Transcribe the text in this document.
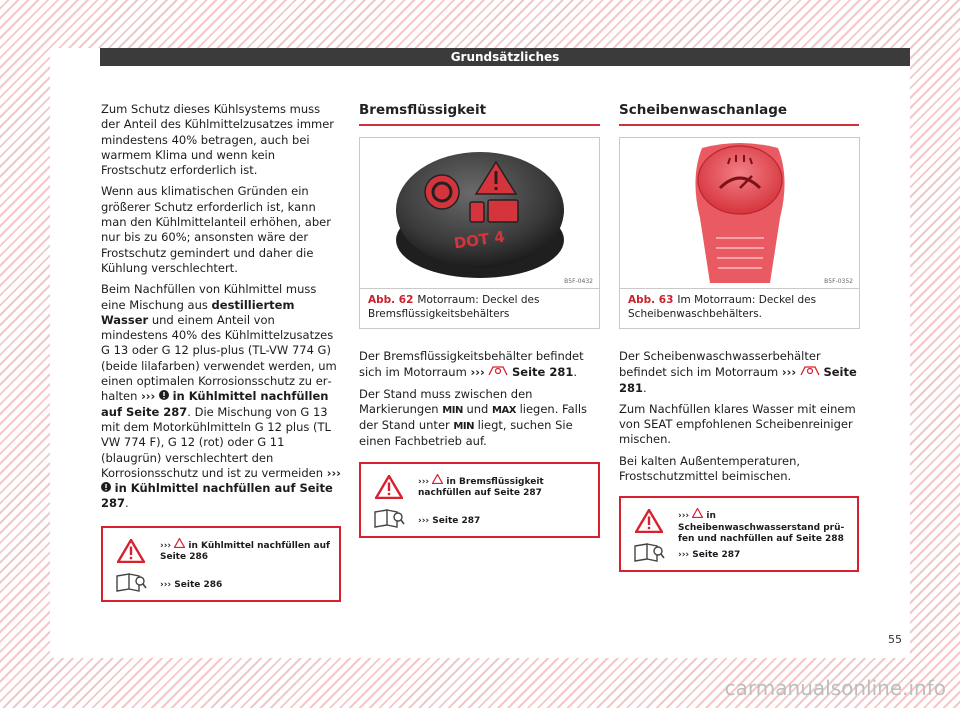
Grundsätzliches

Zum Schutz dieses Kühlsystems muss der Anteil des Kühlmittelzusatzes immer mindestens 40% betragen, auch bei warmem Klima und wenn kein Frostschutz erforderlich ist.

Wenn aus klimatischen Gründen ein größerer Schutz erforderlich ist, kann man den Kühlmittelanteil erhöhen, aber nur bis zu 60%; ansonsten wäre der Frostschutz gemindert und daher die Kühlung verschlechtert.

Beim Nachfüllen von Kühlmittel muss eine Mischung aus destilliertem Wasser und einem Anteil von mindestens 40% des Kühlmittelzusatzes G 13 oder G 12 plus-plus (TL-VW 774 G) (beide lilafarben) verwendet werden, um einen optimalen Korrosionsschutz zu erhalten ››› in Kühlmittel nachfüllen auf Seite 287. Die Mischung von G 13 mit dem Motorkühlmitteln G 12 plus (TL VW 774 F), G 12 (rot) oder G 11 (blaugrün) verschlechtert den Korrosionsschutz und ist zu vermeiden ›››  in Kühlmittel nachfüllen auf Seite 287.

››› in Kühlmittel nachfüllen auf Seite 286
››› Seite 286
Bremsflüssigkeit
DOT 4
B5F-0432
Abb. 62 Motorraum: Deckel des Bremsflüssigkeitsbehälters

Der Bremsflüssigkeitsbehälter befindet sich im Motorraum ››› Seite 281.

Der Stand muss zwischen den Markierungen MIN und MAX liegen. Falls der Stand unter MIN liegt, suchen Sie einen Fachbetrieb auf.

››› in Bremsflüssigkeit nachfüllen auf Seite 287
››› Seite 287
Scheibenwaschanlage
B5F-0352
Abb. 63 Im Motorraum: Deckel des Scheibenwaschbehälters.

Der Scheibenwaschwasserbehälter befindet sich im Motorraum ››› Seite 281.

Zum Nachfüllen klares Wasser mit einem von SEAT empfohlenen Scheibenreiniger mischen.

Bei kalten Außentemperaturen, Frostschutzmittel beimischen.

››› in Scheibenwaschwasserstand prüfen und nachfüllen auf Seite 288
››› Seite 287
55
carmanualsonline.info
